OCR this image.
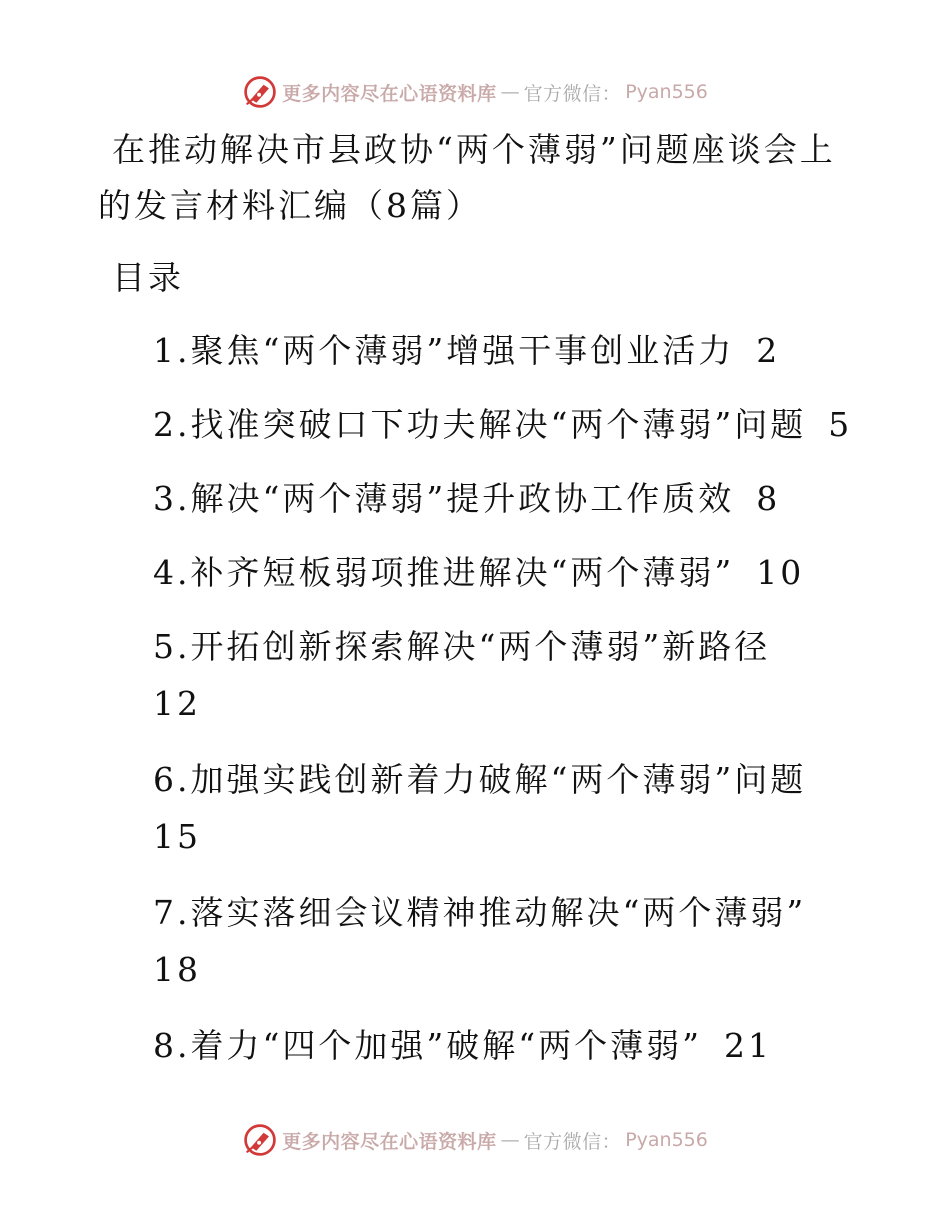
更多内容尽在心语资料库 — 官方微信： Pyan556
在推动解决市县政协“两个薄弱”问题座谈会上的发言材料汇编（8篇）
目录
1.聚焦“两个薄弱”增强干事创业活力 2
2.找准突破口下功夫解决“两个薄弱”问题 5
3.解决“两个薄弱”提升政协工作质效 8
4.补齐短板弱项推进解决“两个薄弱” 10
5.开拓创新探索解决“两个薄弱”新路径
12
6.加强实践创新着力破解“两个薄弱”问题
15
7.落实落细会议精神推动解决“两个薄弱”
18
8.着力“四个加强”破解“两个薄弱” 21
更多内容尽在心语资料库 — 官方微信： Pyan556
